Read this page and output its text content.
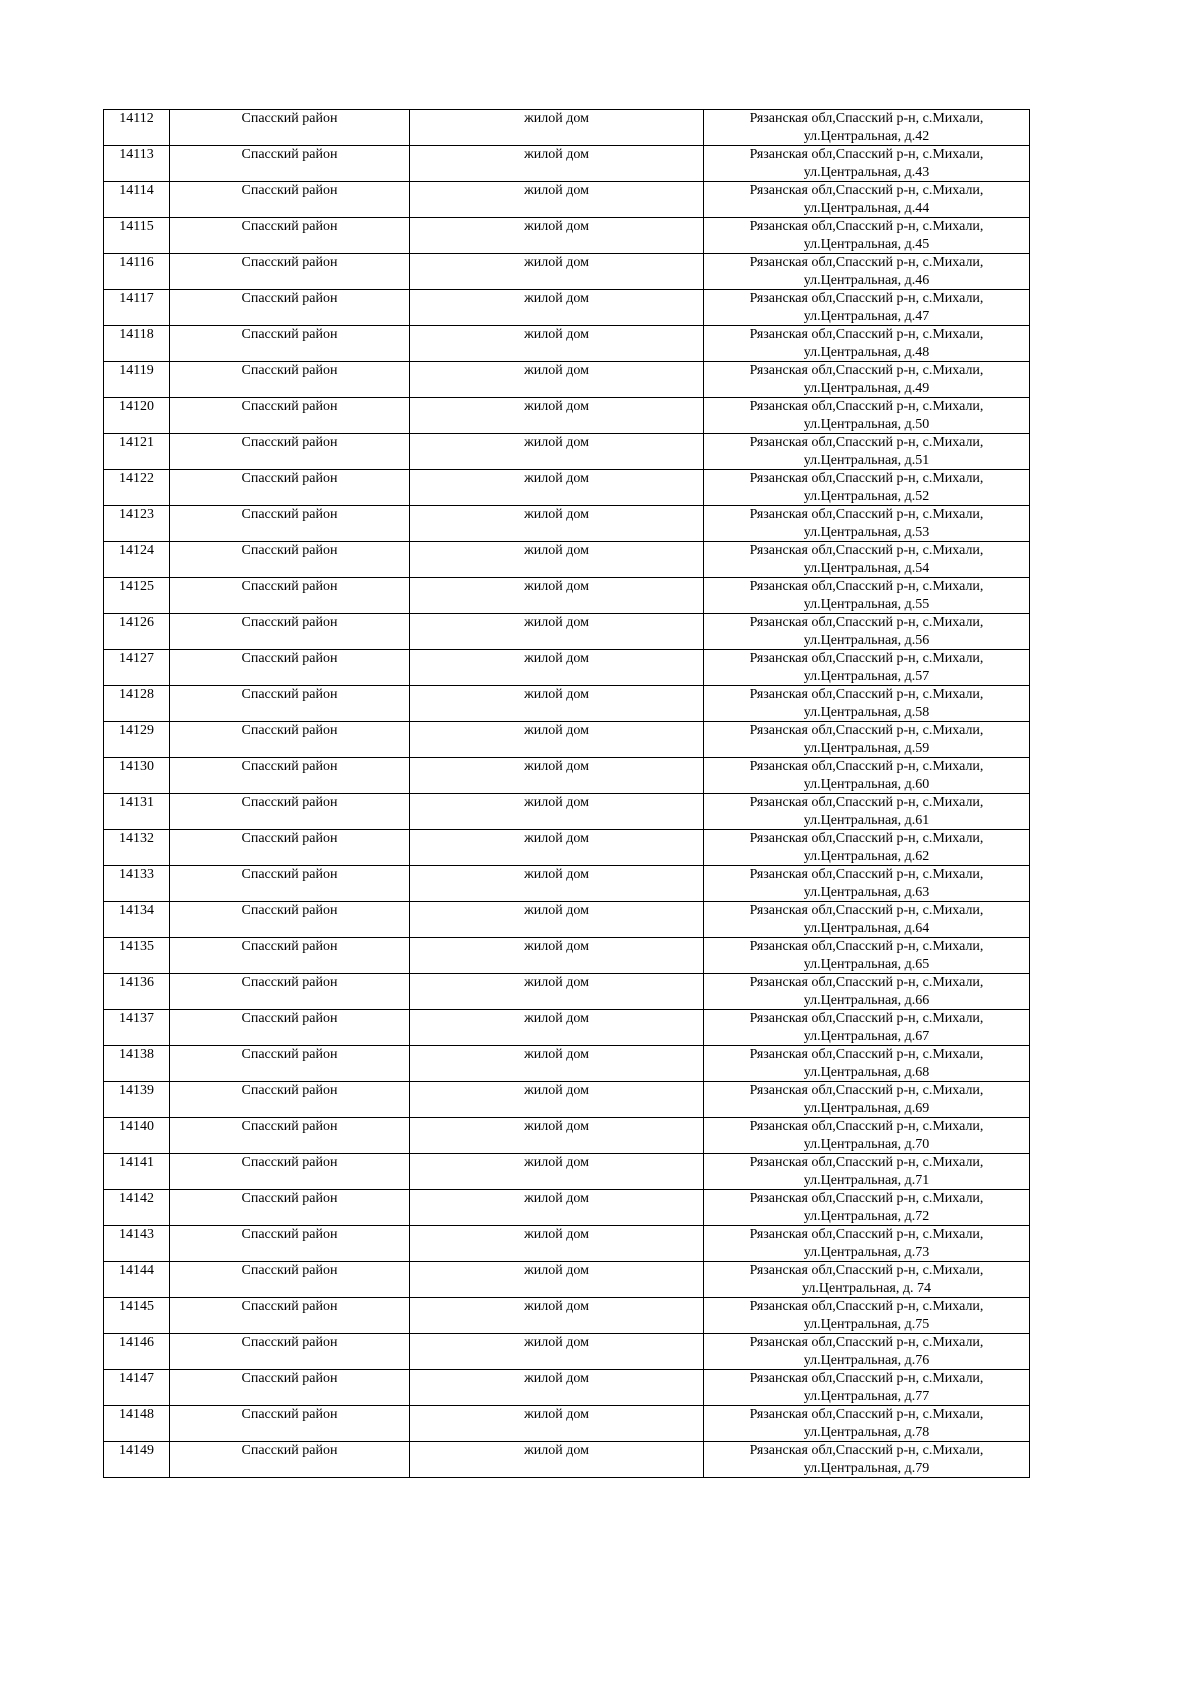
14112	Спасский район	жилой дом	Рязанская обл,Спасский р-н, с.Михали,
ул.Центральная, д.42

14113	Спасский район	жилой дом	Рязанская обл,Спасский р-н, с.Михали,
ул.Центральная, д.43

14114	Спасский район	жилой дом	Рязанская обл,Спасский р-н, с.Михали,
ул.Центральная, д.44

14115	Спасский район	жилой дом	Рязанская обл,Спасский р-н, с.Михали,
ул.Центральная, д.45

14116	Спасский район	жилой дом	Рязанская обл,Спасский р-н, с.Михали,
ул.Центральная, д.46

14117	Спасский район	жилой дом	Рязанская обл,Спасский р-н, с.Михали,
ул.Центральная, д.47

14118	Спасский район	жилой дом	Рязанская обл,Спасский р-н, с.Михали,
ул.Центральная, д.48

14119	Спасский район	жилой дом	Рязанская обл,Спасский р-н, с.Михали,
ул.Центральная, д.49

14120	Спасский район	жилой дом	Рязанская обл,Спасский р-н, с.Михали,
ул.Центральная, д.50

14121	Спасский район	жилой дом	Рязанская обл,Спасский р-н, с.Михали,
ул.Центральная, д.51

14122	Спасский район	жилой дом	Рязанская обл,Спасский р-н, с.Михали,
ул.Центральная, д.52

14123	Спасский район	жилой дом	Рязанская обл,Спасский р-н, с.Михали,
ул.Центральная, д.53

14124	Спасский район	жилой дом	Рязанская обл,Спасский р-н, с.Михали,
ул.Центральная, д.54

14125	Спасский район	жилой дом	Рязанская обл,Спасский р-н, с.Михали,
ул.Центральная, д.55

14126	Спасский район	жилой дом	Рязанская обл,Спасский р-н, с.Михали,
ул.Центральная, д.56

14127	Спасский район	жилой дом	Рязанская обл,Спасский р-н, с.Михали,
ул.Центральная, д.57

14128	Спасский район	жилой дом	Рязанская обл,Спасский р-н, с.Михали,
ул.Центральная, д.58

14129	Спасский район	жилой дом	Рязанская обл,Спасский р-н, с.Михали,
ул.Центральная, д.59

14130	Спасский район	жилой дом	Рязанская обл,Спасский р-н, с.Михали,
ул.Центральная, д.60

14131	Спасский район	жилой дом	Рязанская обл,Спасский р-н, с.Михали,
ул.Центральная, д.61

14132	Спасский район	жилой дом	Рязанская обл,Спасский р-н, с.Михали,
ул.Центральная, д.62

14133	Спасский район	жилой дом	Рязанская обл,Спасский р-н, с.Михали,
ул.Центральная, д.63

14134	Спасский район	жилой дом	Рязанская обл,Спасский р-н, с.Михали,
ул.Центральная, д.64

14135	Спасский район	жилой дом	Рязанская обл,Спасский р-н, с.Михали,
ул.Центральная, д.65

14136	Спасский район	жилой дом	Рязанская обл,Спасский р-н, с.Михали,
ул.Центральная, д.66

14137	Спасский район	жилой дом	Рязанская обл,Спасский р-н, с.Михали,
ул.Центральная, д.67

14138	Спасский район	жилой дом	Рязанская обл,Спасский р-н, с.Михали,
ул.Центральная, д.68

14139	Спасский район	жилой дом	Рязанская обл,Спасский р-н, с.Михали,
ул.Центральная, д.69

14140	Спасский район	жилой дом	Рязанская обл,Спасский р-н, с.Михали,
ул.Центральная, д.70

14141	Спасский район	жилой дом	Рязанская обл,Спасский р-н, с.Михали,
ул.Центральная, д.71

14142	Спасский район	жилой дом	Рязанская обл,Спасский р-н, с.Михали,
ул.Центральная, д.72

14143	Спасский район	жилой дом	Рязанская обл,Спасский р-н, с.Михали,
ул.Центральная, д.73

14144	Спасский район	жилой дом	Рязанская обл,Спасский р-н, с.Михали,
ул.Центральная, д. 74

14145	Спасский район	жилой дом	Рязанская обл,Спасский р-н, с.Михали,
ул.Центральная, д.75

14146	Спасский район	жилой дом	Рязанская обл,Спасский р-н, с.Михали,
ул.Центральная, д.76

14147	Спасский район	жилой дом	Рязанская обл,Спасский р-н, с.Михали,
ул.Центральная, д.77

14148	Спасский район	жилой дом	Рязанская обл,Спасский р-н, с.Михали,
ул.Центральная, д.78

14149	Спасский район	жилой дом	Рязанская обл,Спасский р-н, с.Михали,
ул.Центральная, д.79
